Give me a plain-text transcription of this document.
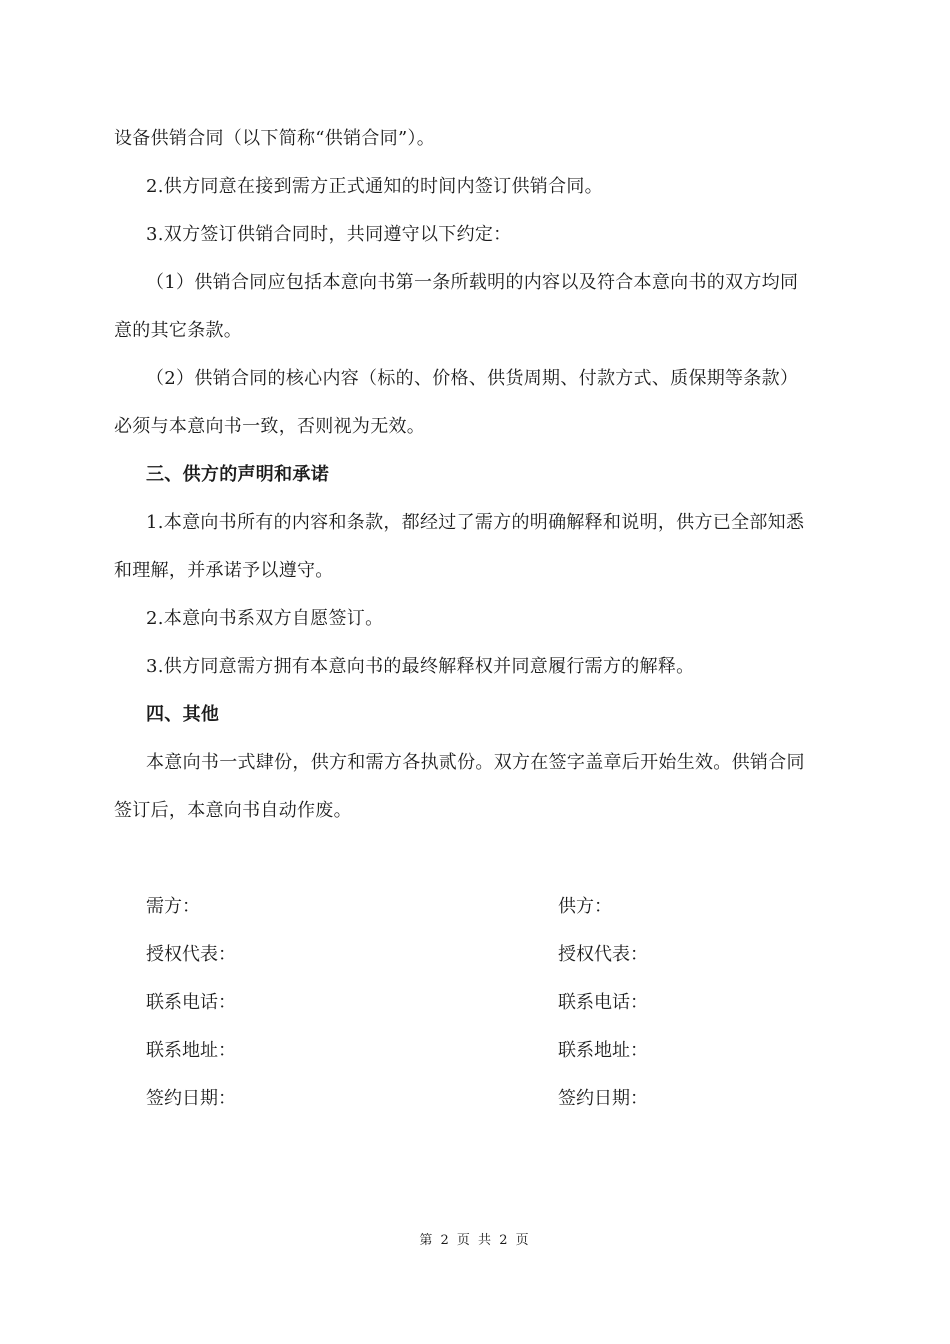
设备供销合同（以下简称“供销合同”）。
2.供方同意在接到需方正式通知的时间内签订供销合同。
3.双方签订供销合同时，共同遵守以下约定：
（1）供销合同应包括本意向书第一条所载明的内容以及符合本意向书的双方均同
意的其它条款。
（2）供销合同的核心内容（标的、价格、供货周期、付款方式、质保期等条款）
必须与本意向书一致，否则视为无效。
三、供方的声明和承诺
1.本意向书所有的内容和条款，都经过了需方的明确解释和说明，供方已全部知悉
和理解，并承诺予以遵守。
2.本意向书系双方自愿签订。
3.供方同意需方拥有本意向书的最终解释权并同意履行需方的解释。
四、其他
本意向书一式肆份，供方和需方各执贰份。双方在签字盖章后开始生效。供销合同
签订后，本意向书自动作废。
需方：
授权代表：
联系电话：
联系地址：
签约日期：
供方：
授权代表：
联系电话：
联系地址：
签约日期：
第 2 页 共 2 页
